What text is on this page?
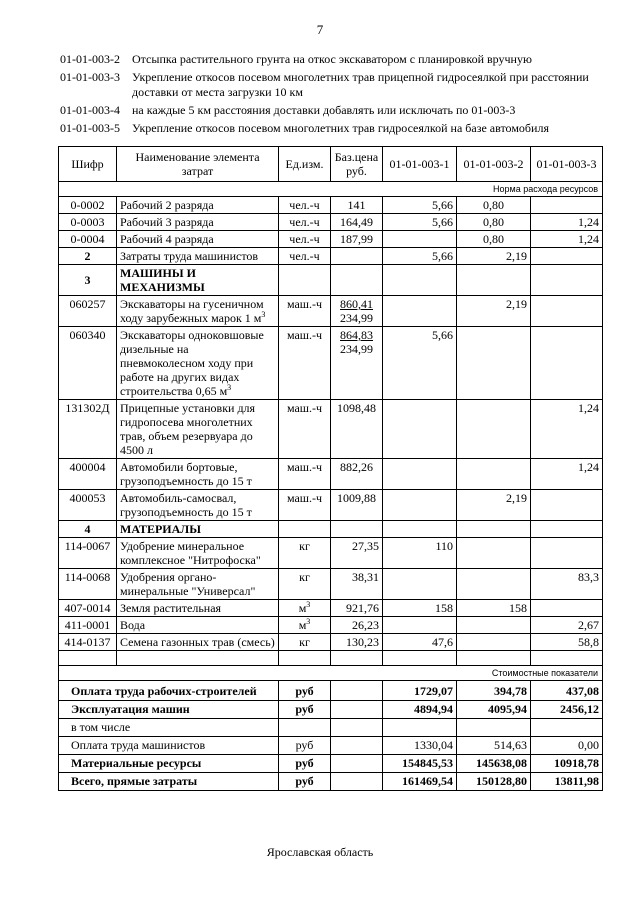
7
01-01-003-2 Отсыпка растительного грунта на откос экскаватором с планировкой вручную
01-01-003-3 Укрепление откосов посевом многолетних трав прицепной гидросеялкой при расстоянии доставки от места загрузки 10 км
01-01-003-4 на каждые 5 км расстояния доставки добавлять или исключать по 01-003-3
01-01-003-5 Укрепление откосов посевом многолетних трав гидросеялкой на базе автомобиля
Шифр	Наименование элемента затрат	Ед.изм.	Баз.цена руб.	01-01-003-1	01-01-003-2	01-01-003-3
Норма расхода ресурсов						
0-0002	Рабочий 2 разряда	чел.-ч	141	5,66	0,80	
0-0003	Рабочий 3 разряда	чел.-ч	164,49	5,66	0,80	1,24
0-0004	Рабочий 4 разряда	чел.-ч	187,99		0,80	1,24
2	Затраты труда машинистов	чел.-ч		5,66	2,19	
3	МАШИНЫ И МЕХАНИЗМЫ					
060257	Экскаваторы на гусеничном ходу зарубежных марок 1 $м^3$	маш.-ч	860,41
234,99		2,19	
060340	Экскаваторы одноковшовые дизельные на пневмоколесном ходу при работе на других видах строительства 0,65 $м^3$	маш.-ч	864,83
234,99	5,66		
131302Д	Прицепные установки для гидропосева многолетних трав, объем резервуара до 4500 л	маш.-ч	1098,48			1,24
400004	Автомобили бортовые, грузоподъемность до 15 т	маш.-ч	882,26			1,24
400053	Автомобиль-самосвал, грузоподъемность до 15 т	маш.-ч	1009,88		2,19	
4	МАТЕРИАЛЫ					
114-0067	Удобрение минеральное комплексное "Нитрофоска"	кг	27,35	110		
114-0068	Удобрения органо-минеральные "Универсал"	кг	38,31			83,3
407-0014	Земля растительная	$м^3$	921,76	158	158	
411-0001	Вода	$м^3$	26,23			2,67
414-0137	Семена газонных трав (смесь)	кг	130,23	47,6		58,8

Стоимостные показатели						
Оплата труда рабочих-строителей		руб		1729,07	394,78	437,08
Эксплуатация машин		руб		4894,94	4095,94	2456,12
в том числе						
Оплата труда машинистов		руб		1330,04	514,63	0,00
Материальные ресурсы		руб		154845,53	145638,08	10918,78
Всего, прямые затраты		руб		161469,54	150128,80	13811,98
Ярославская область
